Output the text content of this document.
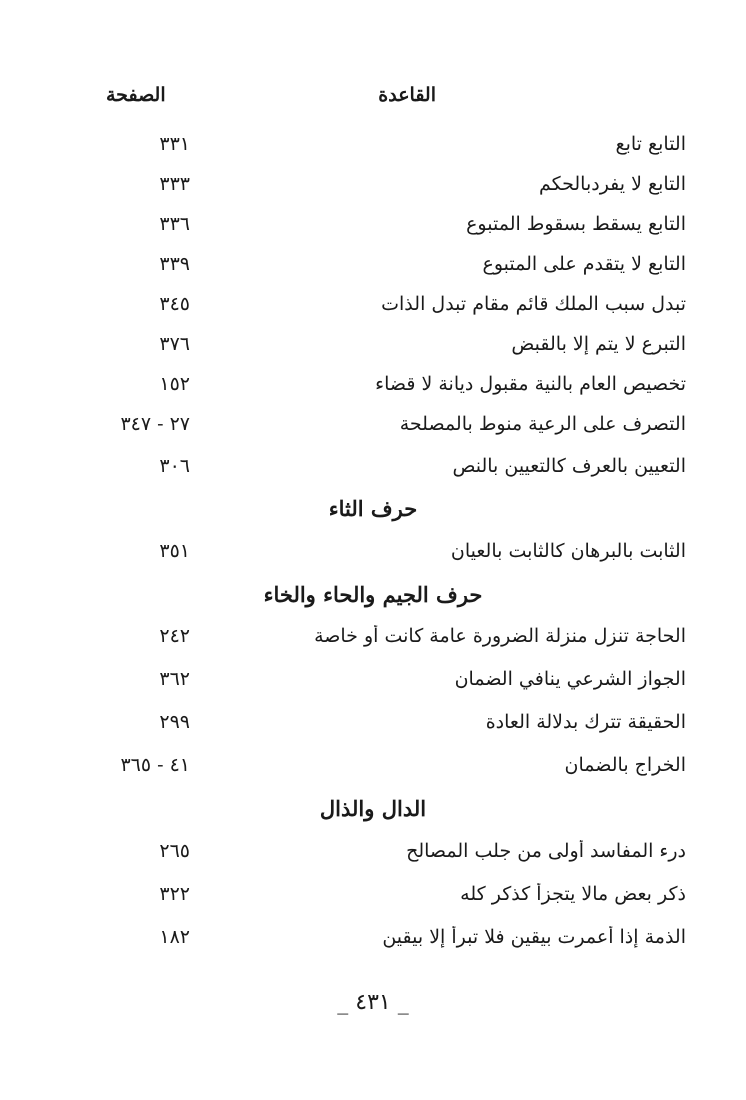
القاعدة
الصفحة
التابع تابع
٣٣١
التابع لا يفردبالحكم
٣٣٣
التابع يسقط بسقوط المتبوع
٣٣٦
التابع لا يتقدم على المتبوع
٣٣٩
تبدل سبب الملك قائم مقام تبدل الذات
٣٤٥
التبرع لا يتم إلا بالقبض
٣٧٦
تخصيص العام بالنية مقبول ديانة لا قضاء
١٥٢
التصرف على الرعية منوط بالمصلحة
٢٧ - ٣٤٧
التعيين بالعرف كالتعيين بالنص
٣٠٦
حرف الثاء
الثابت بالبرهان كالثابت بالعيان
٣٥١
حرف الجيم والحاء والخاء
الحاجة تنزل منزلة الضرورة عامة كانت أو خاصة
٢٤٢
الجواز الشرعي ينافي الضمان
٣٦٢
الحقيقة تترك بدلالة العادة
٢٩٩
الخراج بالضمان
٤١ - ٣٦٥
الدال والذال
درء المفاسد أولى من جلب المصالح
٢٦٥
ذكر بعض مالا يتجزأ كذكر كله
٣٢٢
الذمة إذا أعمرت بيقين فلا تبرأ إلا بيقين
١٨٢
_ ٤٣١ _
